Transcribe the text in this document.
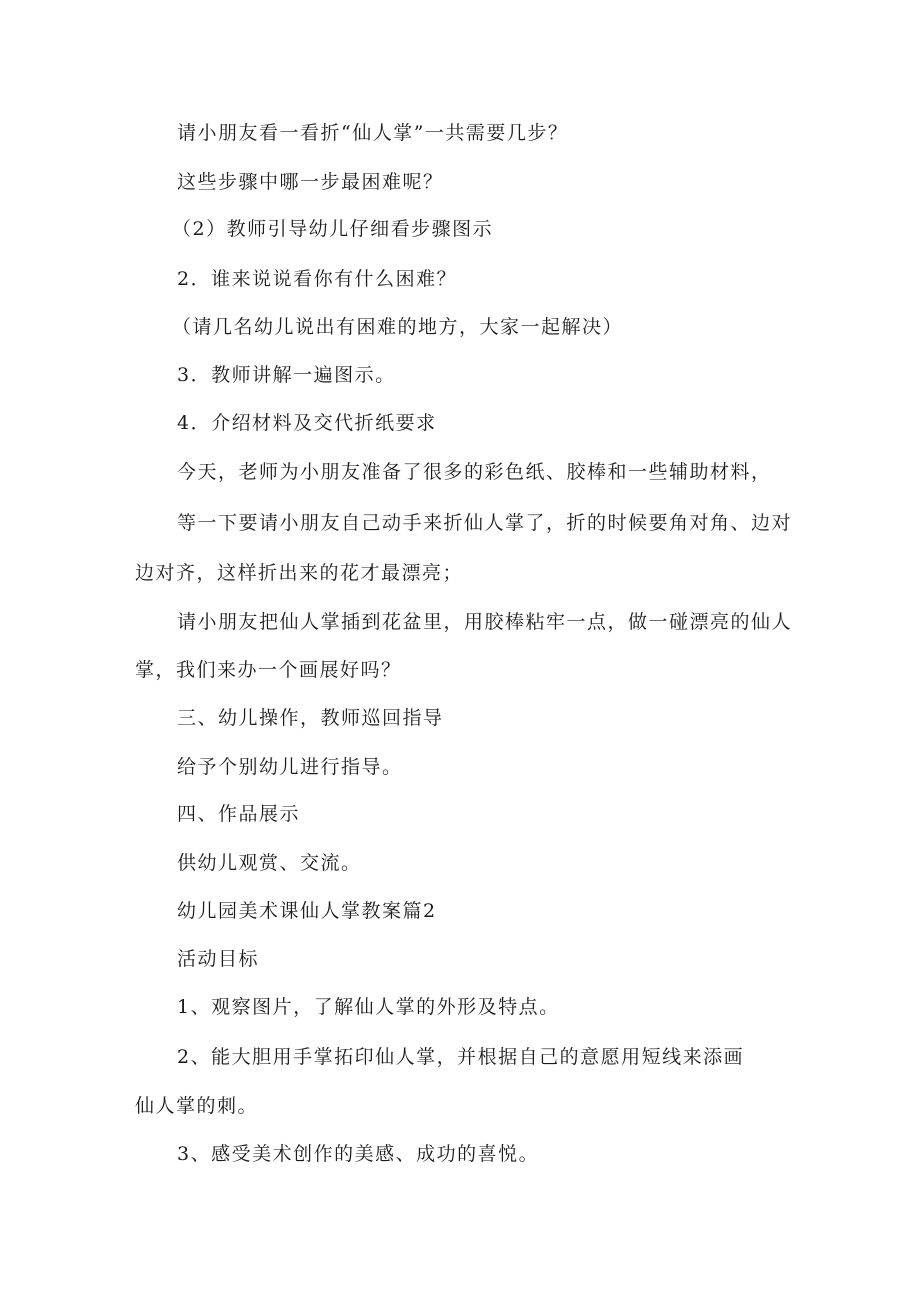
请小朋友看一看折“仙人掌”一共需要几步？
这些步骤中哪一步最困难呢？
（2）教师引导幼儿仔细看步骤图示
2．谁来说说看你有什么困难？
（请几名幼儿说出有困难的地方，大家一起解决）
3．教师讲解一遍图示。
4．介绍材料及交代折纸要求
今天，老师为小朋友准备了很多的彩色纸、胶棒和一些辅助材料，
等一下要请小朋友自己动手来折仙人掌了，折的时候要角对角、边对
边对齐，这样折出来的花才最漂亮；
请小朋友把仙人掌插到花盆里，用胶棒粘牢一点，做一碰漂亮的仙人
掌，我们来办一个画展好吗？
三、幼儿操作，教师巡回指导
给予个别幼儿进行指导。
四、作品展示
供幼儿观赏、交流。
幼儿园美术课仙人掌教案篇2
活动目标
1、观察图片，了解仙人掌的外形及特点。
2、能大胆用手掌拓印仙人掌，并根据自己的意愿用短线来添画
仙人掌的刺。
3、感受美术创作的美感、成功的喜悦。
